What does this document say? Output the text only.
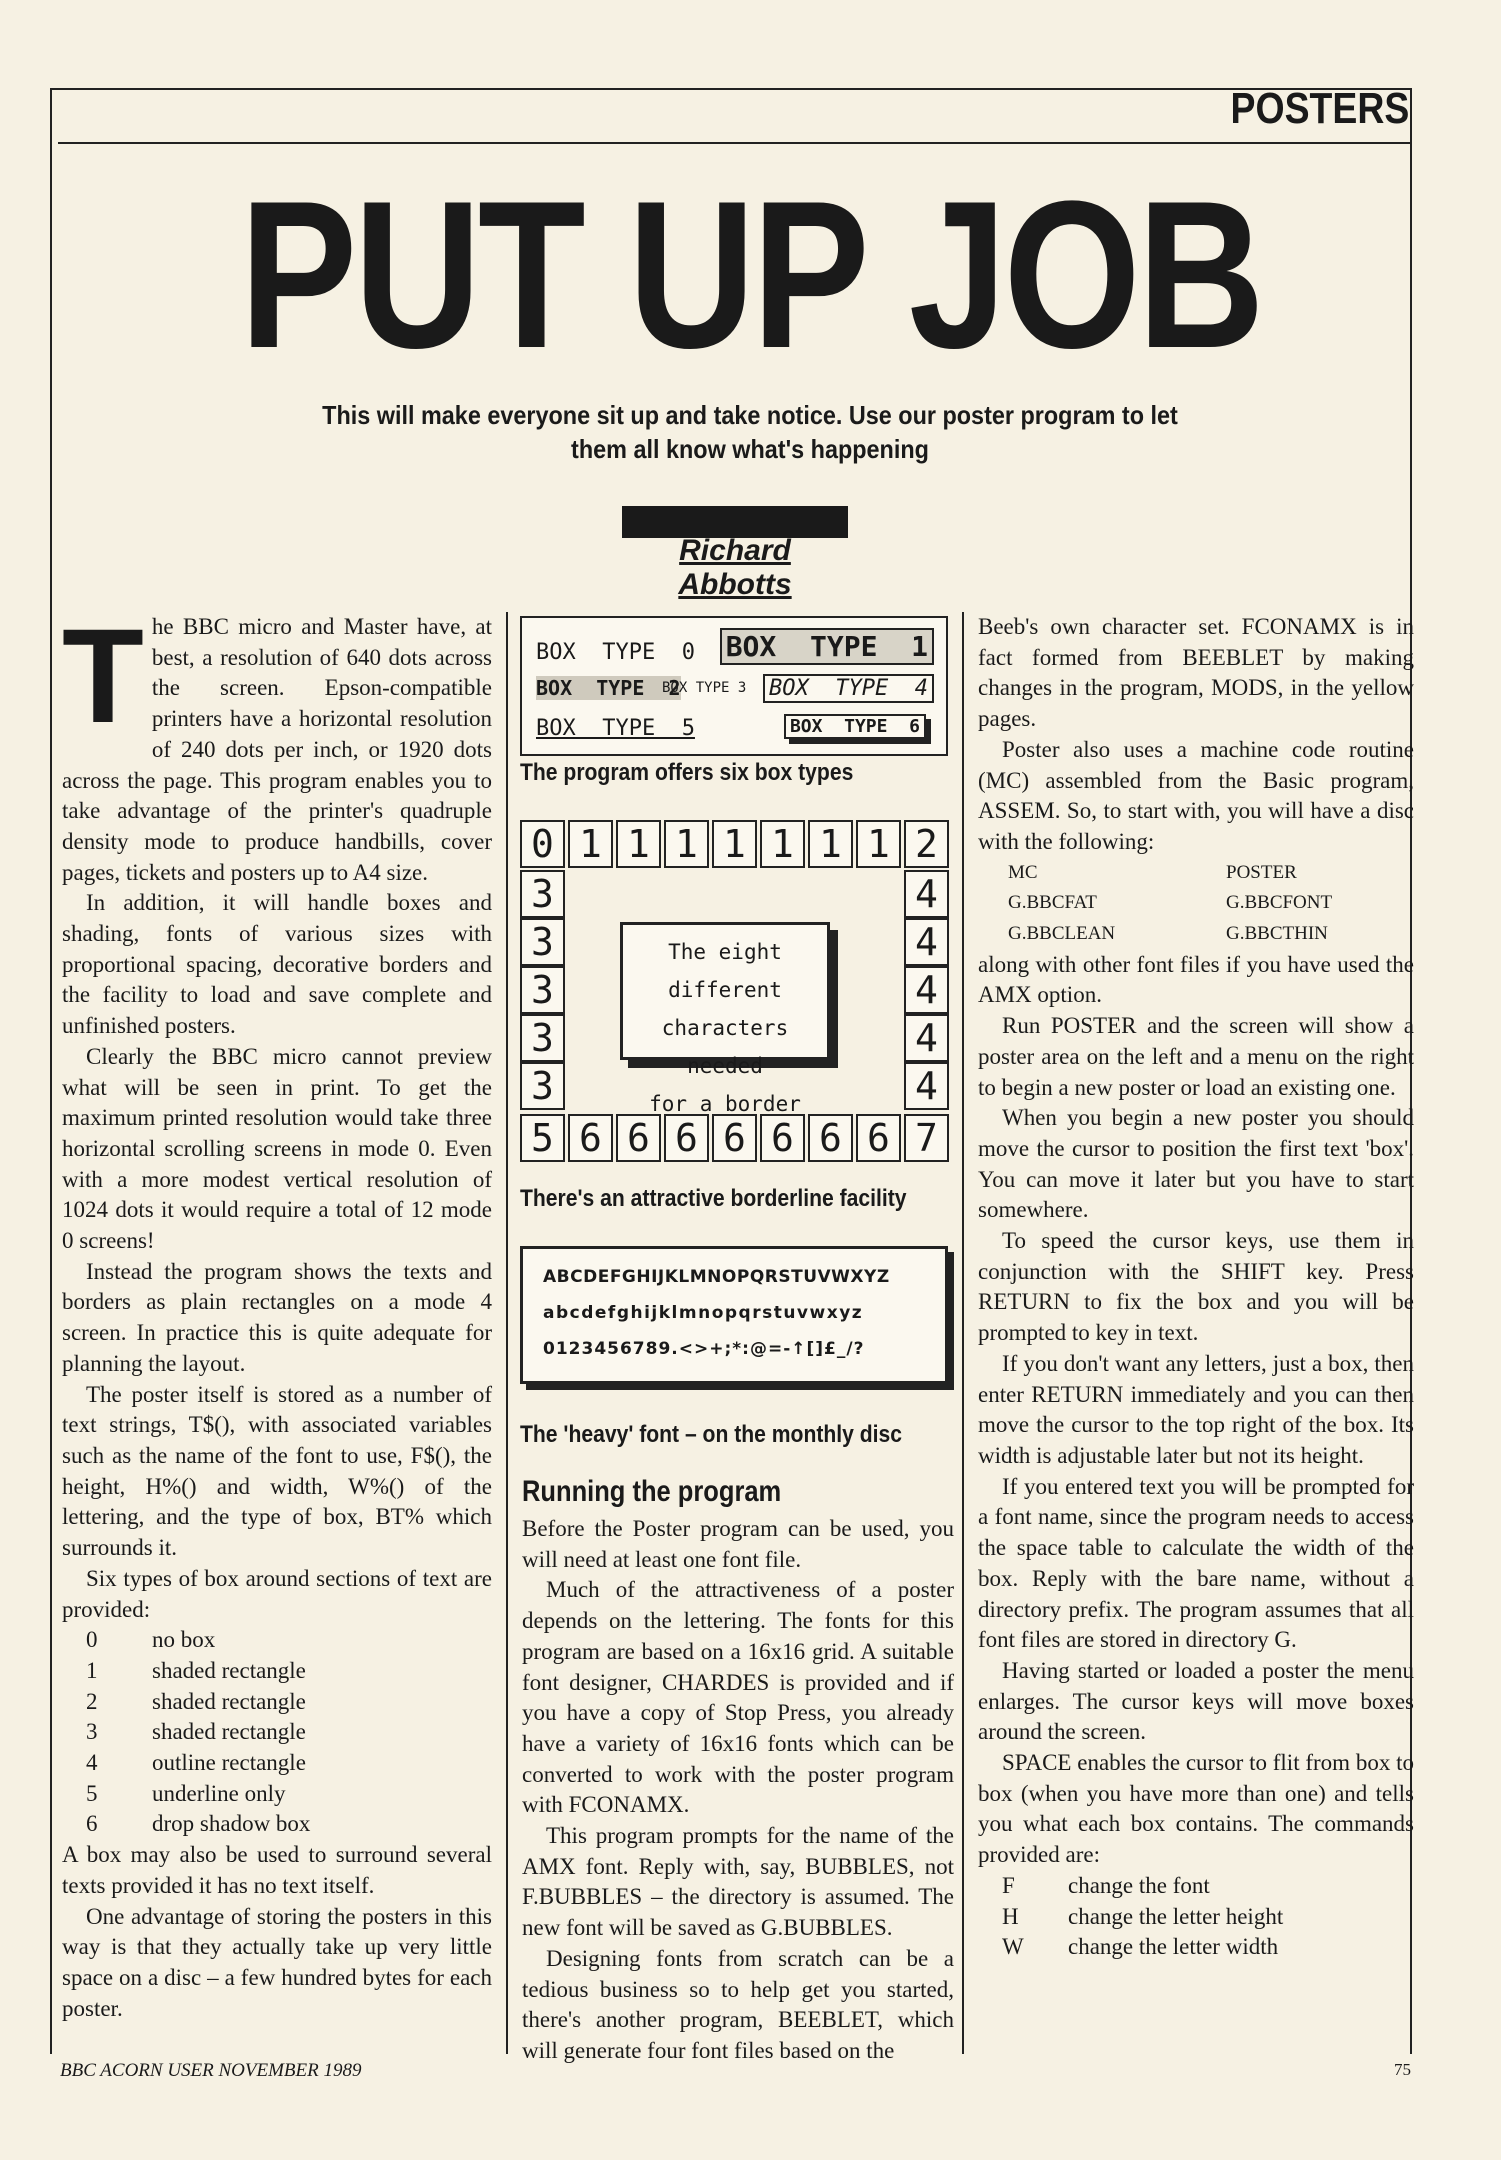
POSTERS
PUT UP JOB
This will make everyone sit up and take notice. Use our poster program to let them all know what's happening
Richard Abbotts
T he BBC micro and Master have, at best, a resolution of 640 dots across the screen. Epson-compatible printers have a horizontal resolution of 240 dots per inch, or 1920 dots across the page. This program enables you to take advantage of the printer's quadruple density mode to produce handbills, cover pages, tickets and posters up to A4 size.

In addition, it will handle boxes and shading, fonts of various sizes with proportional spacing, decorative borders and the facility to load and save complete and unfinished posters.

Clearly the BBC micro cannot preview what will be seen in print. To get the maximum printed resolution would take three horizontal scrolling screens in mode 0. Even with a more modest vertical resolution of 1024 dots it would require a total of 12 mode 0 screens!

Instead the program shows the texts and borders as plain rectangles on a mode 4 screen. In practice this is quite adequate for planning the layout.

The poster itself is stored as a number of text strings, T$(), with associated variables such as the name of the font to use, F$(), the height, H%() and width, W%() of the lettering, and the type of box, BT% which surrounds it.

Six types of box around sections of text are provided:

0	no box
1	shaded rectangle
2	shaded rectangle
3	shaded rectangle
4	outline rectangle
5	underline only
6	drop shadow box

A box may also be used to surround several texts provided it has no text itself.

One advantage of storing the posters in this way is that they actually take up very little space on a disc – a few hundred bytes for each poster.

BOX  TYPE  0 BOX  TYPE  1
BOX  TYPE  2
BOX TYPE 3 BOX  TYPE  4
BOX  TYPE  5	BOX  TYPE  6
The program offers six box types
0 1 1 1 1 1 1 1 2
3
3
3
3
3
4
4
4
4
4
5 6 6 6 6 6 6 6 7
The eight different
characters needed
for a border
There's an attractive borderline facility
ABCDEFGHIJKLMNOPQRSTUVWXYZ
abcdefghijklmnopqrstuvwxyz
0123456789.<>+;*:@=-↑[]£_/?
The 'heavy' font – on the monthly disc
Running the program

Before the Poster program can be used, you will need at least one font file.

Much of the attractiveness of a poster depends on the lettering. The fonts for this program are based on a 16x16 grid. A suitable font designer, CHARDES is provided and if you have a copy of Stop Press, you already have a variety of 16x16 fonts which can be converted to work with the poster program with FCONAMX.

This program prompts for the name of the AMX font. Reply with, say, BUBBLES, not F.BUBBLES – the directory is assumed. The new font will be saved as G.BUBBLES.

Designing fonts from scratch can be a tedious business so to help get you started, there's another program, BEEBLET, which will generate four font files based on the

Beeb's own character set. FCONAMX is in fact formed from BEEBLET by making changes in the program, MODS, in the yellow pages.

Poster also uses a machine code routine (MC) assembled from the Basic program, ASSEM. So, to start with, you will have a disc with the following:

MC	POSTER
G.BBCFAT	G.BBCFONT
G.BBCLEAN	G.BBCTHIN

along with other font files if you have used the AMX option.

Run POSTER and the screen will show a poster area on the left and a menu on the right to begin a new poster or load an existing one.

When you begin a new poster you should move the cursor to position the first text 'box'. You can move it later but you have to start somewhere.

To speed the cursor keys, use them in conjunction with the SHIFT key. Press RETURN to fix the box and you will be prompted to key in text.

If you don't want any letters, just a box, then enter RETURN immediately and you can then move the cursor to the top right of the box. Its width is adjustable later but not its height.

If you entered text you will be prompted for a font name, since the program needs to access the space table to calculate the width of the box. Reply with the bare name, without a directory prefix. The program assumes that all font files are stored in directory G.

Having started or loaded a poster the menu enlarges. The cursor keys will move boxes around the screen.

SPACE enables the cursor to flit from box to box (when you have more than one) and tells you what each box contains. The commands provided are:

F	change the font
H	change the letter height
W	change the letter width
BBC ACORN USER NOVEMBER 1989	75
